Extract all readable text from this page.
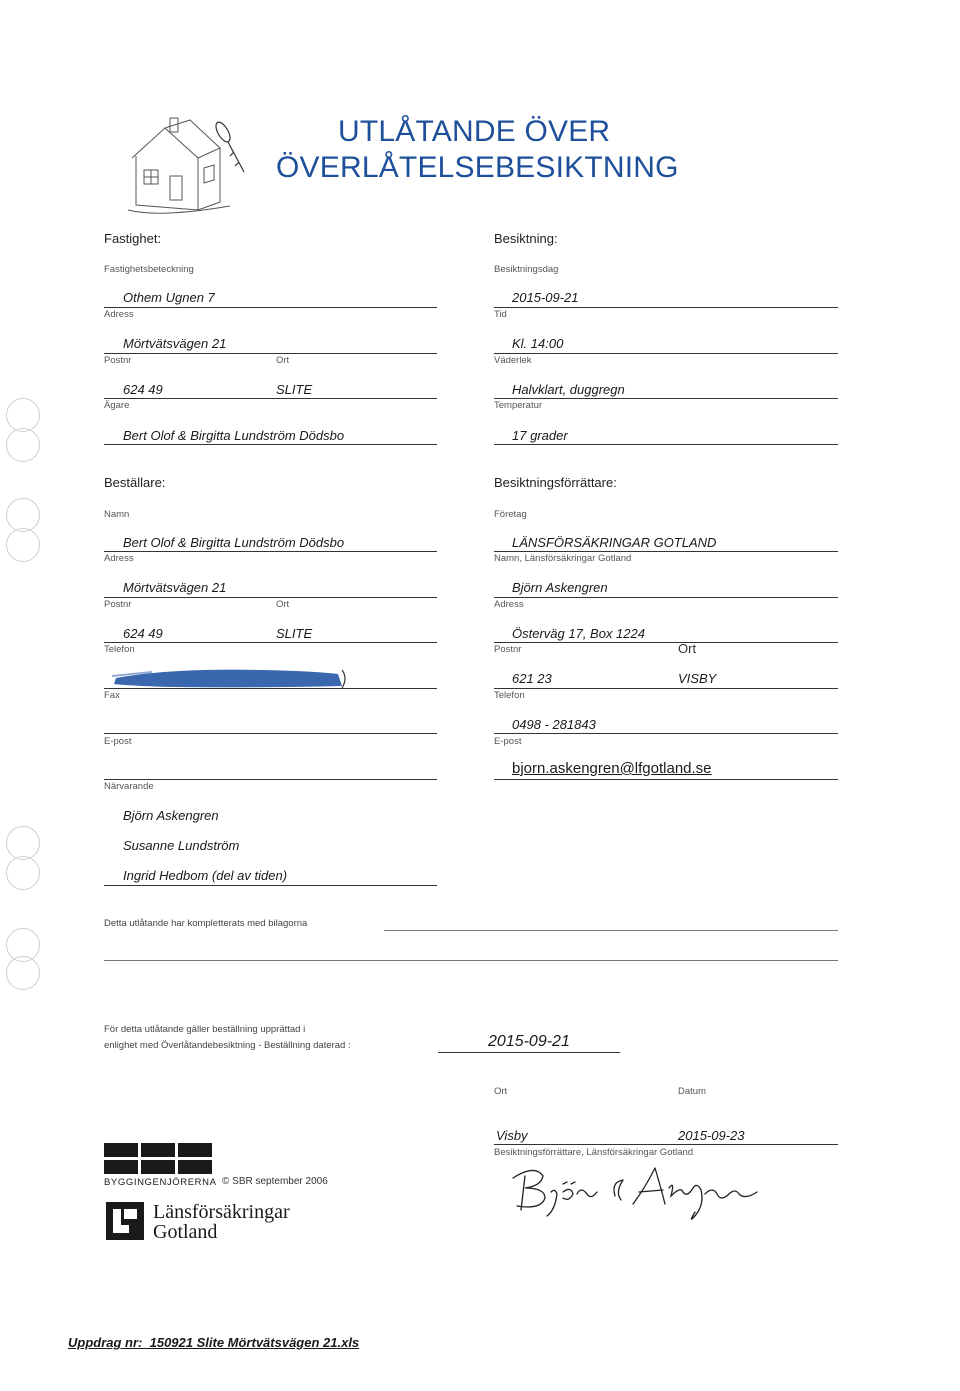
UTLÅTANDE ÖVER
ÖVERLÅTELSEBESIKTNING
Fastighet:
Fastighetsbeteckning
Othem Ugnen 7
Adress
Mörtvätsvägen 21
Postnr	Ort
624 49	SLITE
Ägare
Bert Olof & Birgitta Lundström Dödsbo
Besiktning:
Besiktningsdag
2015-09-21
Tid
Kl. 14:00
Väderlek
Halvklart, duggregn
Temperatur
17 grader
Beställare:
Namn
Bert Olof & Birgitta Lundström Dödsbo
Adress
Mörtvätsvägen 21
Postnr	Ort
624 49	SLITE
Telefon
Fax
E-post
Närvarande
Björn Askengren
Susanne Lundström
Ingrid Hedbom (del av tiden)
Besiktningsförrättare:
Företag
LÄNSFÖRSÄKRINGAR GOTLAND
Namn, Länsförsäkringar Gotland
Björn Askengren
Adress
Österväg 17, Box 1224
Postnr	Ort
621 23	VISBY
Telefon
0498 - 281843
E-post
bjorn.askengren@lfgotland.se
Detta utlåtande har kompletterats med bilagorna
För detta utlåtande gäller beställning upprättad i
enlighet med Överlåtandebesiktning - Beställning daterad :	2015-09-21
Ort	Datum
Visby	2015-09-23
Besiktningsförrättare, Länsförsäkringar Gotland
BYGGINGENJÖRERNA © SBR september 2006
Länsförsäkringar
Gotland
Uppdrag nr:  150921 Slite Mörtvätsvägen 21.xls
